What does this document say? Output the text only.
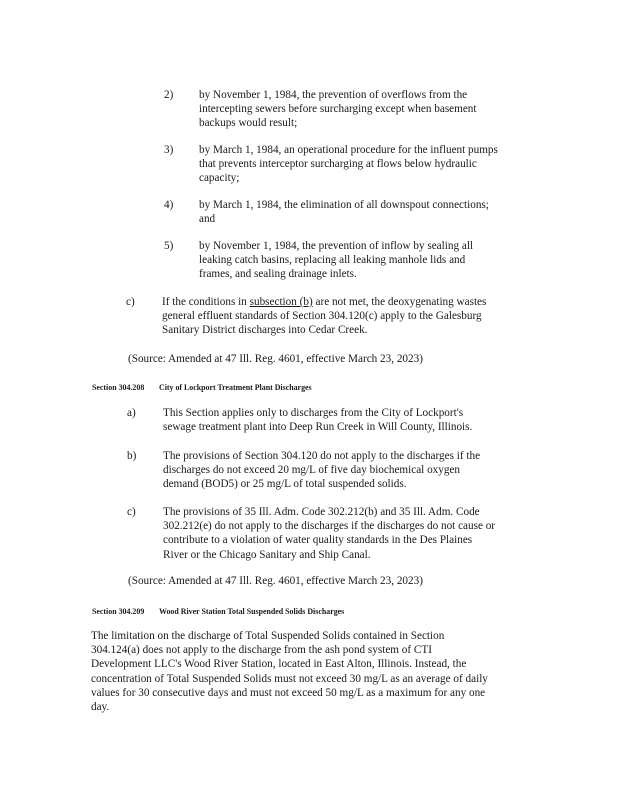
2) by November 1, 1984, the prevention of overflows from the
intercepting sewers before surcharging except when basement
backups would result;
3) by March 1, 1984, an operational procedure for the influent pumps
that prevents interceptor surcharging at flows below hydraulic
capacity;
4) by March 1, 1984, the elimination of all downspout connections;
and
5) by November 1, 1984, the prevention of inflow by sealing all
leaking catch basins, replacing all leaking manhole lids and
frames, and sealing drainage inlets.
c) If the conditions in subsection (b) are not met, the deoxygenating wastes
general effluent standards of Section 304.120(c) apply to the Galesburg
Sanitary District discharges into Cedar Creek.
(Source: Amended at 47 Ill. Reg. 4601, effective March 23, 2023)
Section 304.208 City of Lockport Treatment Plant Discharges
a) This Section applies only to discharges from the City of Lockport's
sewage treatment plant into Deep Run Creek in Will County, Illinois.
b) The provisions of Section 304.120 do not apply to the discharges if the
discharges do not exceed 20 mg/L of five day biochemical oxygen
demand (BOD5) or 25 mg/L of total suspended solids.
c) The provisions of 35 Ill. Adm. Code 302.212(b) and 35 Ill. Adm. Code
302.212(e) do not apply to the discharges if the discharges do not cause or
contribute to a violation of water quality standards in the Des Plaines
River or the Chicago Sanitary and Ship Canal.
(Source: Amended at 47 Ill. Reg. 4601, effective March 23, 2023)
Section 304.209 Wood River Station Total Suspended Solids Discharges
The limitation on the discharge of Total Suspended Solids contained in Section
304.124(a) does not apply to the discharge from the ash pond system of CTI
Development LLC's Wood River Station, located in East Alton, Illinois. Instead, the
concentration of Total Suspended Solids must not exceed 30 mg/L as an average of daily
values for 30 consecutive days and must not exceed 50 mg/L as a maximum for any one
day.
